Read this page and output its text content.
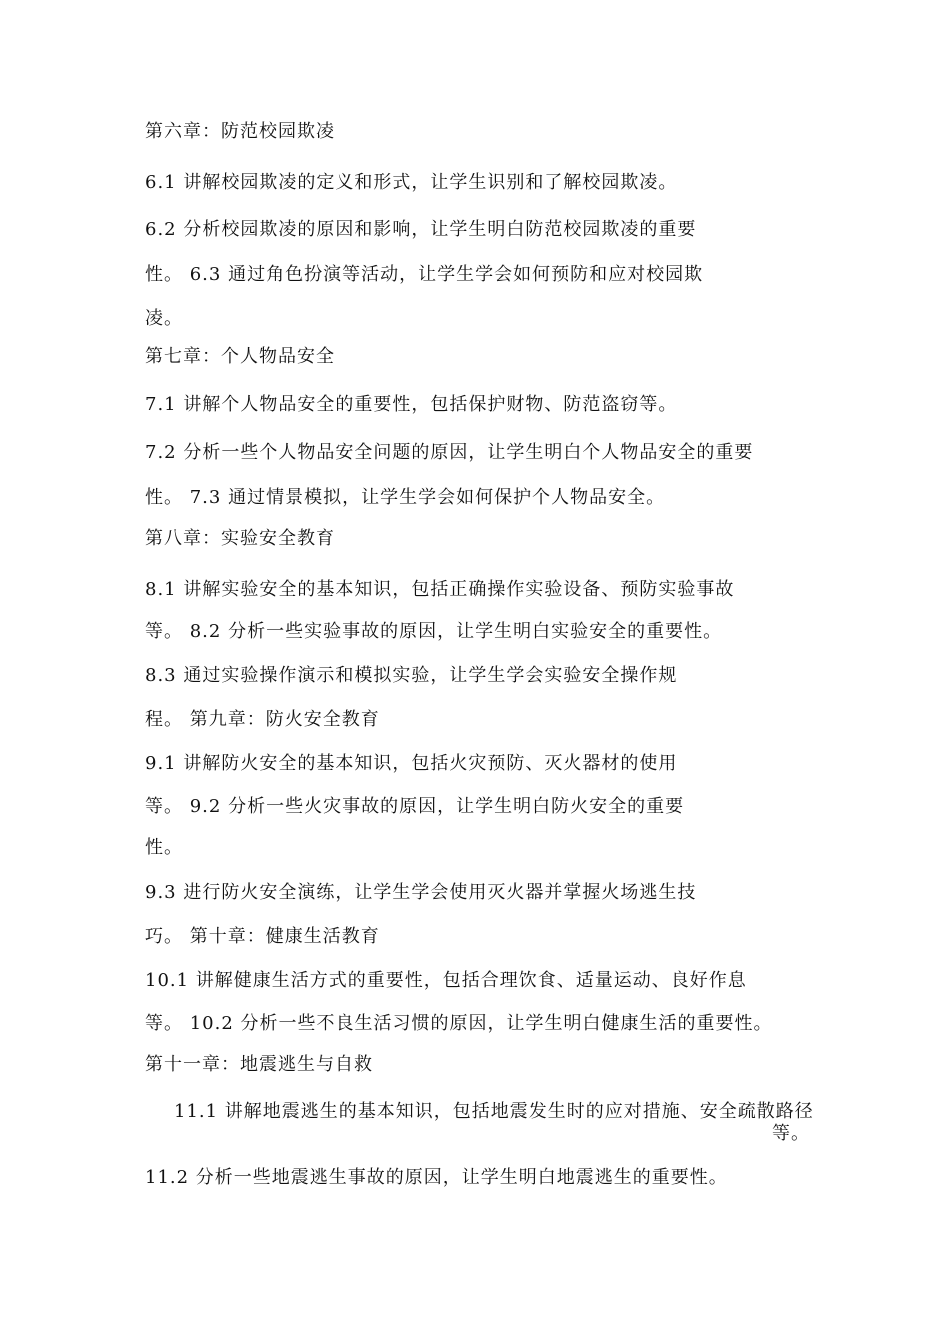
第六章：防范校园欺凌
6.1 讲解校园欺凌的定义和形式，让学生识别和了解校园欺凌。
6.2 分析校园欺凌的原因和影响，让学生明白防范校园欺凌的重要
性。 6.3 通过角色扮演等活动，让学生学会如何预防和应对校园欺
凌。
第七章：个人物品安全
7.1 讲解个人物品安全的重要性，包括保护财物、防范盗窃等。
7.2 分析一些个人物品安全问题的原因，让学生明白个人物品安全的重要
性。 7.3 通过情景模拟，让学生学会如何保护个人物品安全。
第八章：实验安全教育
8.1 讲解实验安全的基本知识，包括正确操作实验设备、预防实验事故
等。 8.2 分析一些实验事故的原因，让学生明白实验安全的重要性。
8.3 通过实验操作演示和模拟实验，让学生学会实验安全操作规
程。 第九章：防火安全教育
9.1 讲解防火安全的基本知识，包括火灾预防、灭火器材的使用
等。 9.2 分析一些火灾事故的原因，让学生明白防火安全的重要
性。
9.3 进行防火安全演练，让学生学会使用灭火器并掌握火场逃生技
巧。 第十章：健康生活教育
10.1 讲解健康生活方式的重要性，包括合理饮食、适量运动、良好作息
等。 10.2 分析一些不良生活习惯的原因，让学生明白健康生活的重要性。
第十一章：地震逃生与自救
11.1 讲解地震逃生的基本知识，包括地震发生时的应对措施、安全疏散路径
等。
11.2 分析一些地震逃生事故的原因，让学生明白地震逃生的重要性。
